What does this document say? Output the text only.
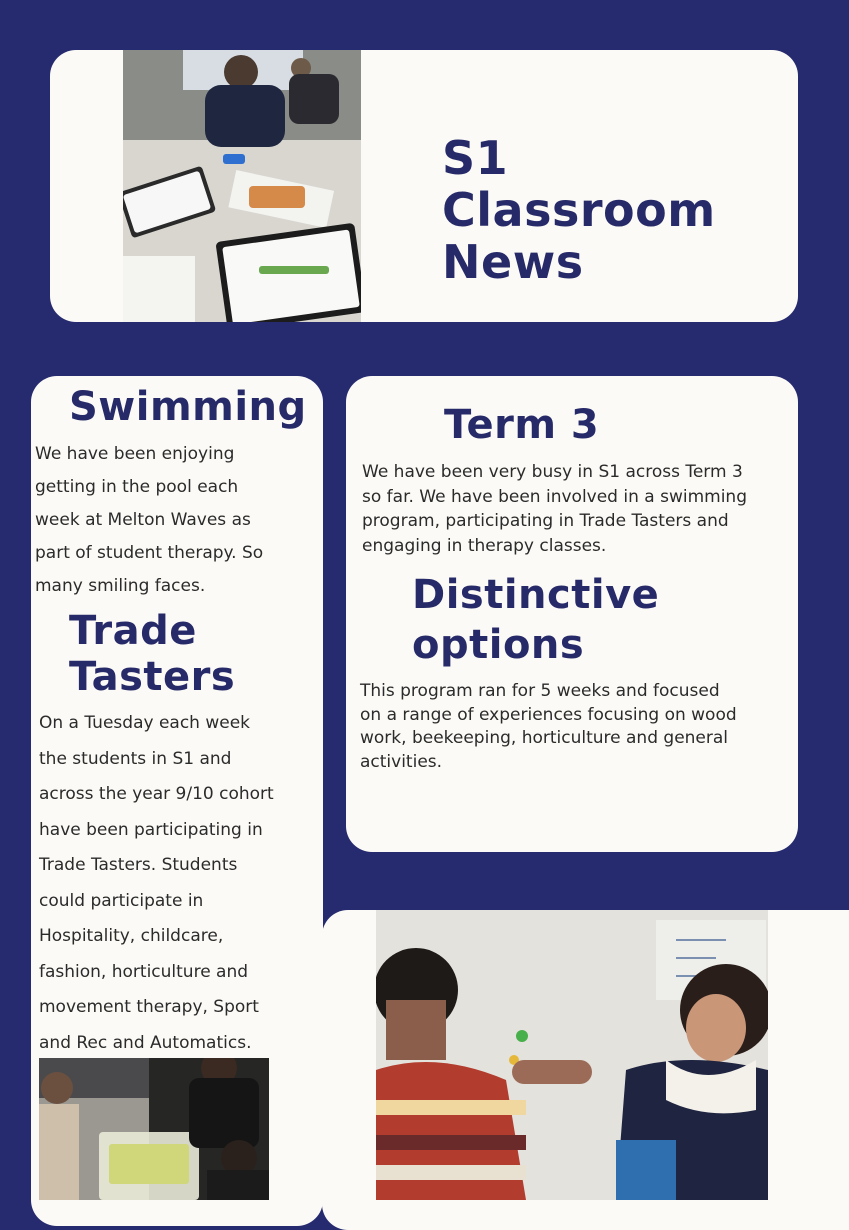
S1 Classroom
News
Swimming
We have been enjoying
getting in the pool each
week at Melton Waves as
part of student therapy. So
many smiling faces.
Trade
Tasters
On a Tuesday each week
the students in S1 and
across the year 9/10 cohort
have been participating in
Trade Tasters. Students
could participate in
Hospitality, childcare,
fashion, horticulture and
movement therapy, Sport
and Rec and Automatics.
Term 3
We have been very busy in S1 across Term 3
so far. We have been involved in a swimming
program, participating in Trade Tasters and
engaging in therapy classes.
Distinctive
options
This program ran for 5 weeks and focused
on a range of experiences focusing on wood
work, beekeeping, horticulture and general
activities.
